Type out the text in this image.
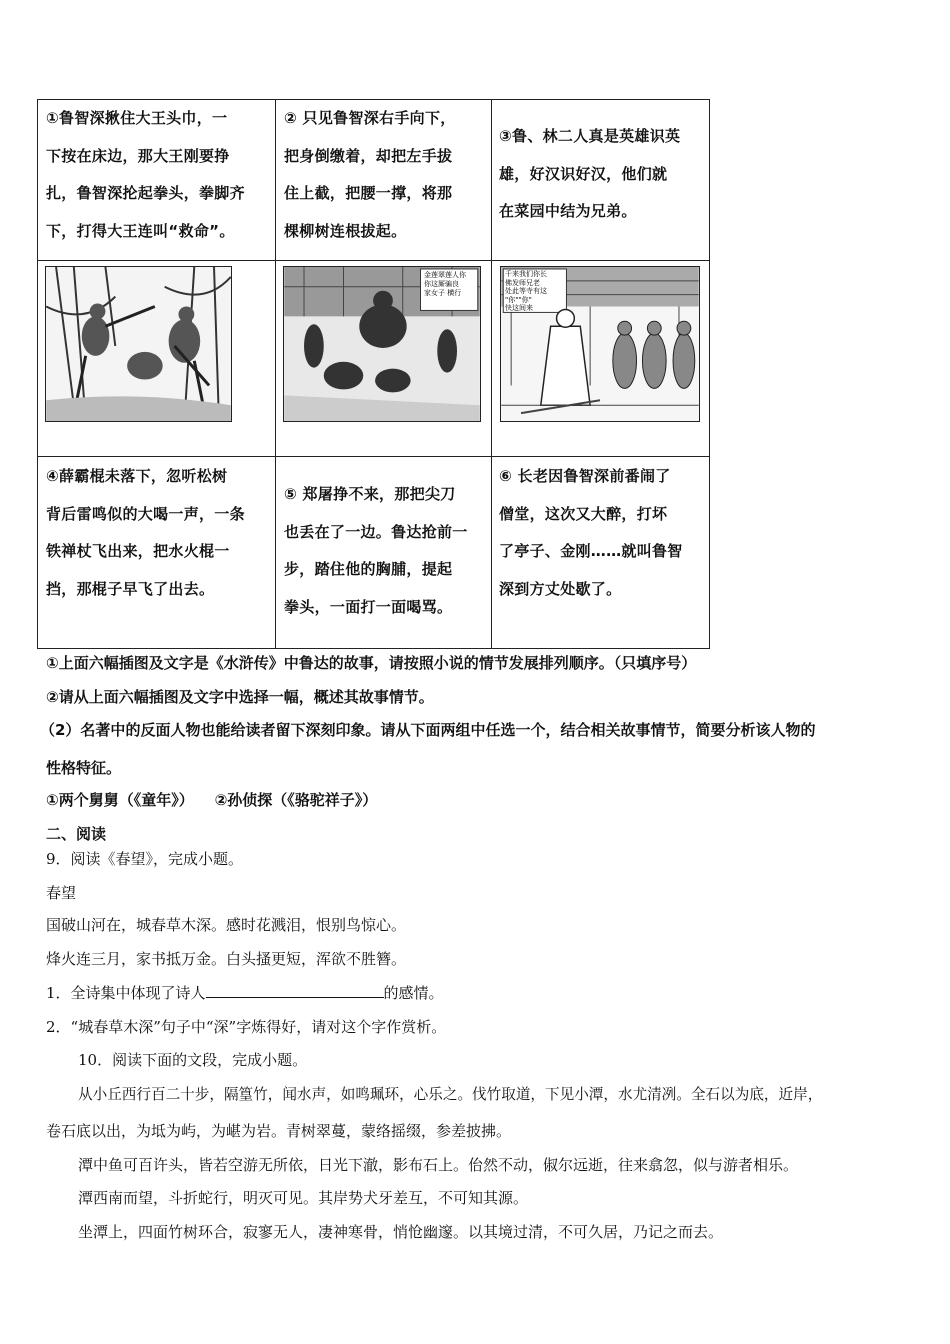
①鲁智深揪住大王头巾，一
下按在床边，那大王刚要挣
扎，鲁智深抡起拳头，拳脚齐
下，打得大王连叫“救命”。
② 只见鲁智深右手向下，
把身倒缴着，却把左手拔
住上截，把腰一撑，将那
棵柳树连根拔起。
③鲁、林二人真是英雄识英
雄，好汉识好汉，他们就
在菜园中结为兄弟。
金莲翠莲人你
你这厮骗良
家女子 横行
千来我们你长
佛发师兄老
处此等寺有这
"你""你"
快这间来
④薛霸棍未落下，忽听松树
背后雷鸣似的大喝一声，一条
铁禅杖飞出来，把水火棍一
挡，那棍子早飞了出去。
⑤ 郑屠挣不来，那把尖刀
也丢在了一边。鲁达抢前一
步，踏住他的胸脯，提起
拳头，一面打一面喝骂。
⑥ 长老因鲁智深前番闹了
僧堂，这次又大醉，打坏
了亭子、金刚……就叫鲁智
深到方丈处歇了。
①上面六幅插图及文字是《水浒传》中鲁达的故事，请按照小说的情节发展排列顺序。（只填序号）
②请从上面六幅插图及文字中选择一幅，概述其故事情节。
（2）名著中的反面人物也能给读者留下深刻印象。请从下面两组中任选一个，结合相关故事情节，简要分析该人物的
性格特征。
①两个舅舅（《童年》）    ②孙侦探（《骆驼祥子》）
二、阅读
9．阅读《春望》，完成小题。
春望
国破山河在，城春草木深。感时花溅泪，恨别鸟惊心。
烽火连三月，家书抵万金。白头搔更短，浑欲不胜簪。
1．全诗集中体现了诗人	的感情。
2．“城春草木深”句子中“深”字炼得好，请对这个字作赏析。
10．阅读下面的文段，完成小题。
从小丘西行百二十步，隔篁竹，闻水声，如鸣珮环，心乐之。伐竹取道，下见小潭，水尤清冽。全石以为底，近岸，
卷石底以出，为坻为屿，为嵁为岩。青树翠蔓，蒙络摇缀，参差披拂。
潭中鱼可百许头，皆若空游无所依，日光下澈，影布石上。佁然不动，俶尔远逝，往来翕忽，似与游者相乐。
潭西南而望，斗折蛇行，明灭可见。其岸势犬牙差互，不可知其源。
坐潭上，四面竹树环合，寂寥无人，凄神寒骨，悄怆幽邃。以其境过清，不可久居，乃记之而去。
